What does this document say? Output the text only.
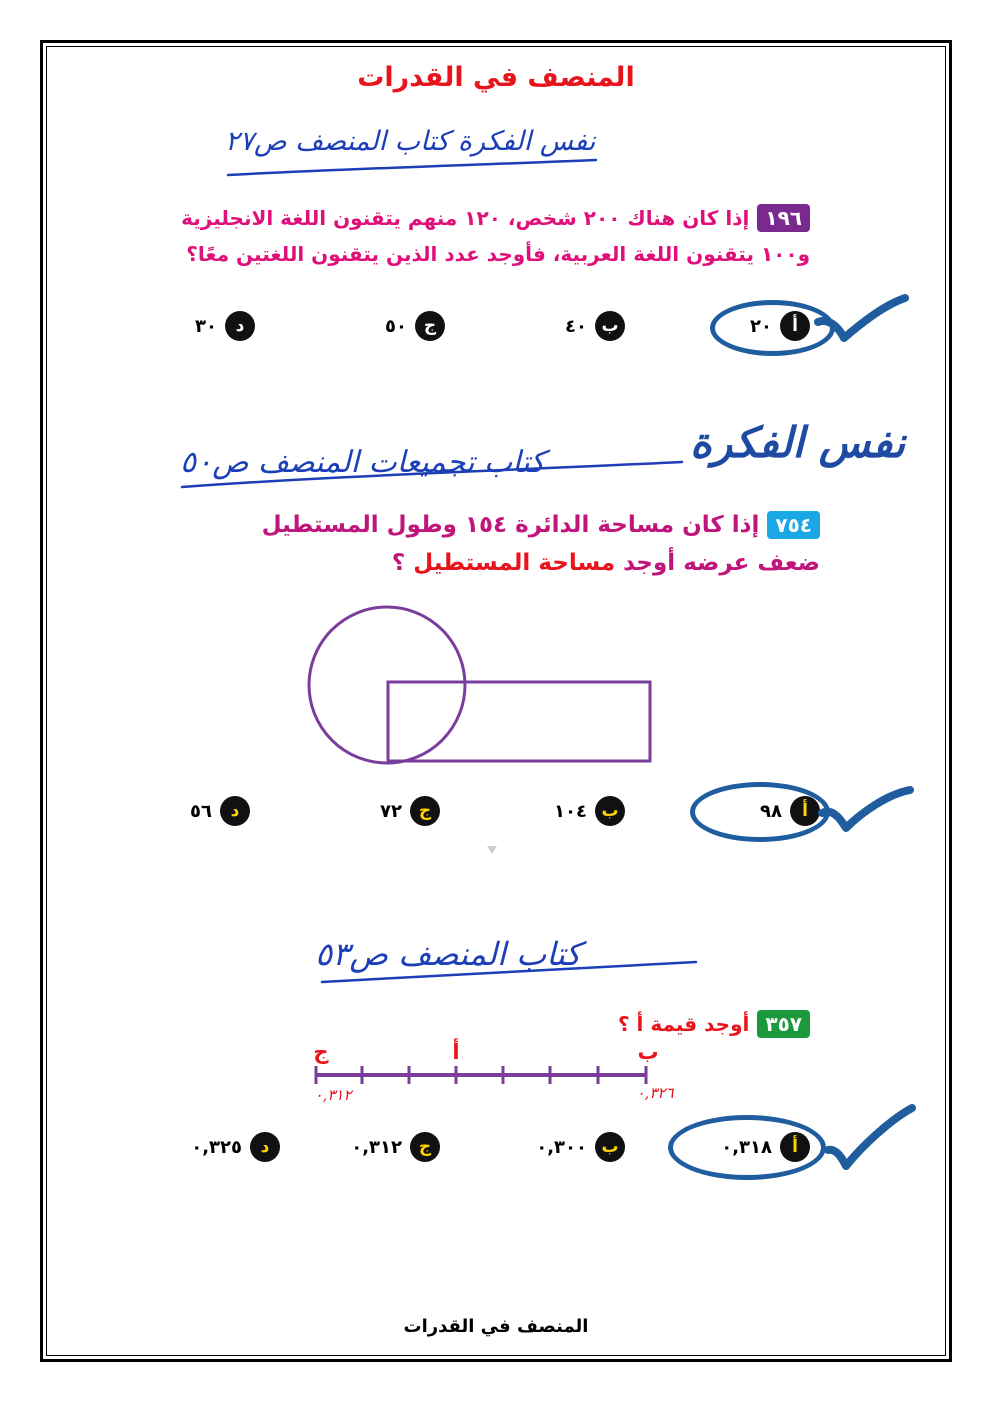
المنصف في القدرات
نفس الفكرة كتاب المنصف ص٢٧
١٩٦إذا كان هناك ٢٠٠ شخص، ١٢٠ منهم يتقنون اللغة الانجليزية و١٠٠ يتقنون اللغة العربية، فأوجد عدد الذين يتقنون اللغتين معًا؟
أ
٢٠
ب
٤٠
ج
٥٠
د
٣٠
نفس الفكرة
كتاب تجميعات المنصف ص٥٠
٧٥٤إذا كان مساحة الدائرة ١٥٤ وطول المستطيل
ضعف عرضه أوجد مساحة المستطيل ؟
أ
٩٨
ب
١٠٤
ج
٧٢
د
٥٦
كتاب المنصف ص٥٣
٣٥٧أوجد قيمة أ ؟
ج	أ	ب
٠,٣١٢	٠,٣٢٦
أ
٠,٣١٨
ب
٠,٣٠٠
ج
٠,٣١٢
د
٠,٣٢٥
المنصف في القدرات
